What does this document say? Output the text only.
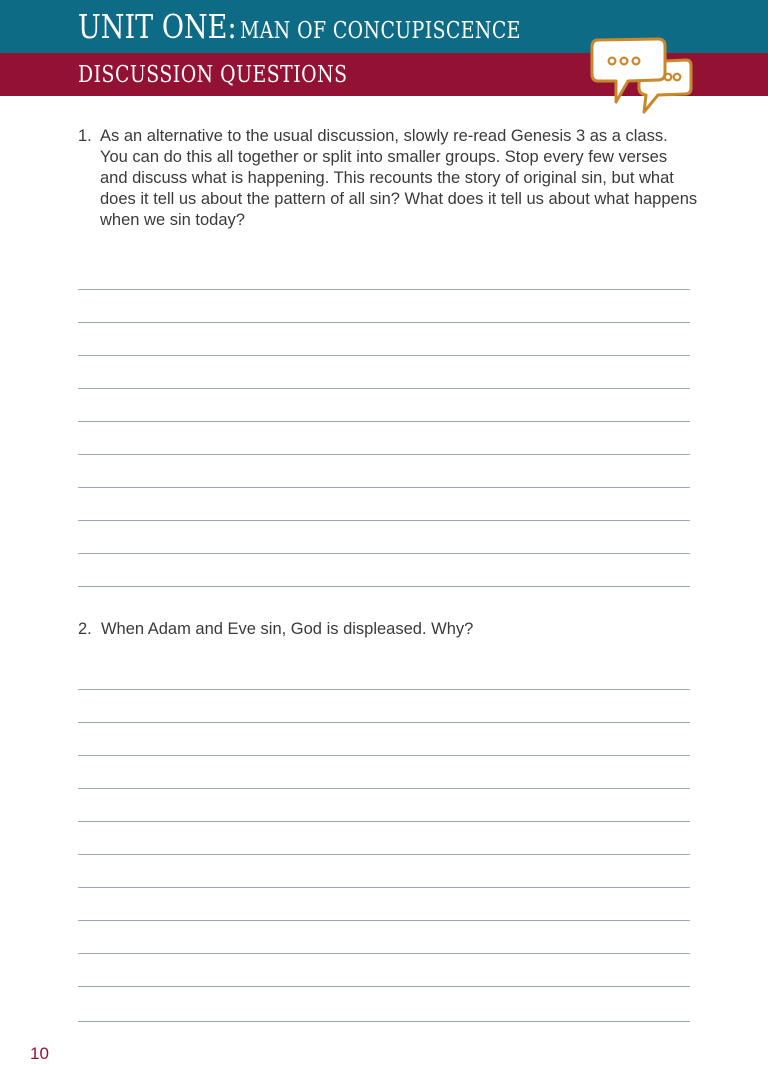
UNIT ONE: MAN OF CONCUPISCENCE
DISCUSSION QUESTIONS
1. As an alternative to the usual discussion, slowly re-read Genesis 3 as a class. You can do this all together or split into smaller groups. Stop every few verses and discuss what is happening. This recounts the story of original sin, but what does it tell us about the pattern of all sin? What does it tell us about what happens when we sin today?
2. When Adam and Eve sin, God is displeased. Why?
10
